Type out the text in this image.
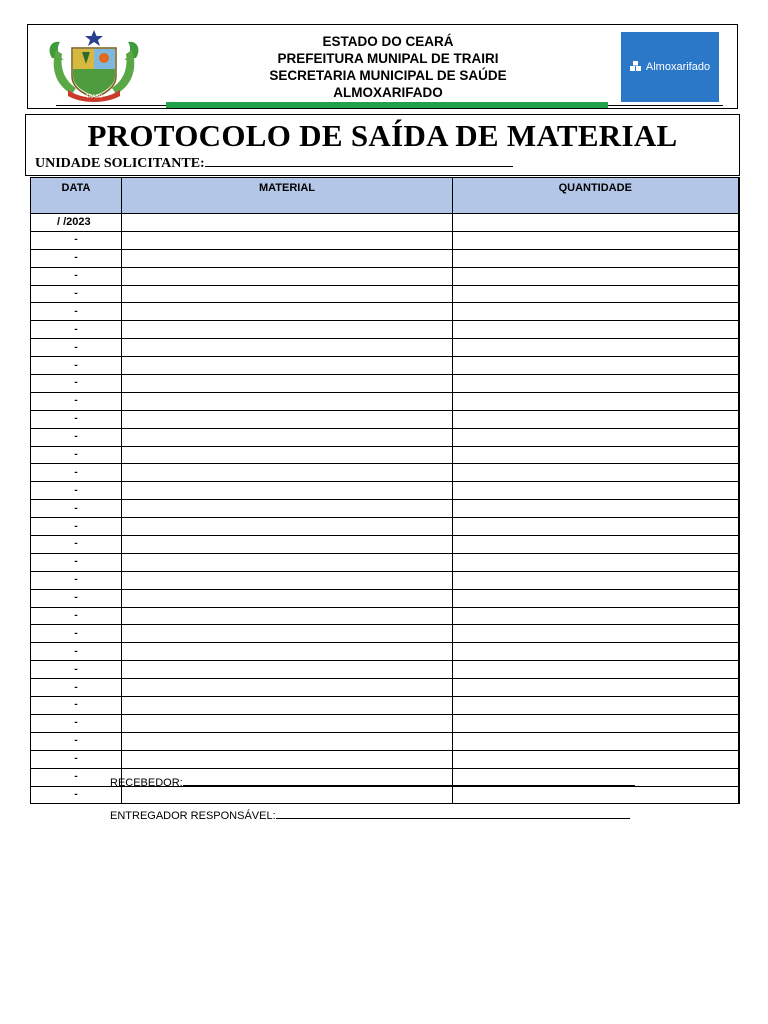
TRAIRI
ESTADO DO CEARÁ
PREFEITURA MUNIPAL DE TRAIRI
SECRETARIA MUNICIPAL DE SAÚDE
ALMOXARIFADO
Almoxarifado
PROTOCOLO DE SAÍDA DE MATERIAL
UNIDADE SOLICITANTE:
DATA	MATERIAL	QUANTIDADE
/ /2023		
-		
-		
-		
-		
-		
-		
-		
-		
-		
-		
-		
-		
-		
-		
-		
-		
-		
-		
-		
-		
-		
-		
-		
-		
-		
-		
-		
-		
-		
-		
-		
-		
RECEBEDOR:
ENTREGADOR RESPONSÁVEL:
